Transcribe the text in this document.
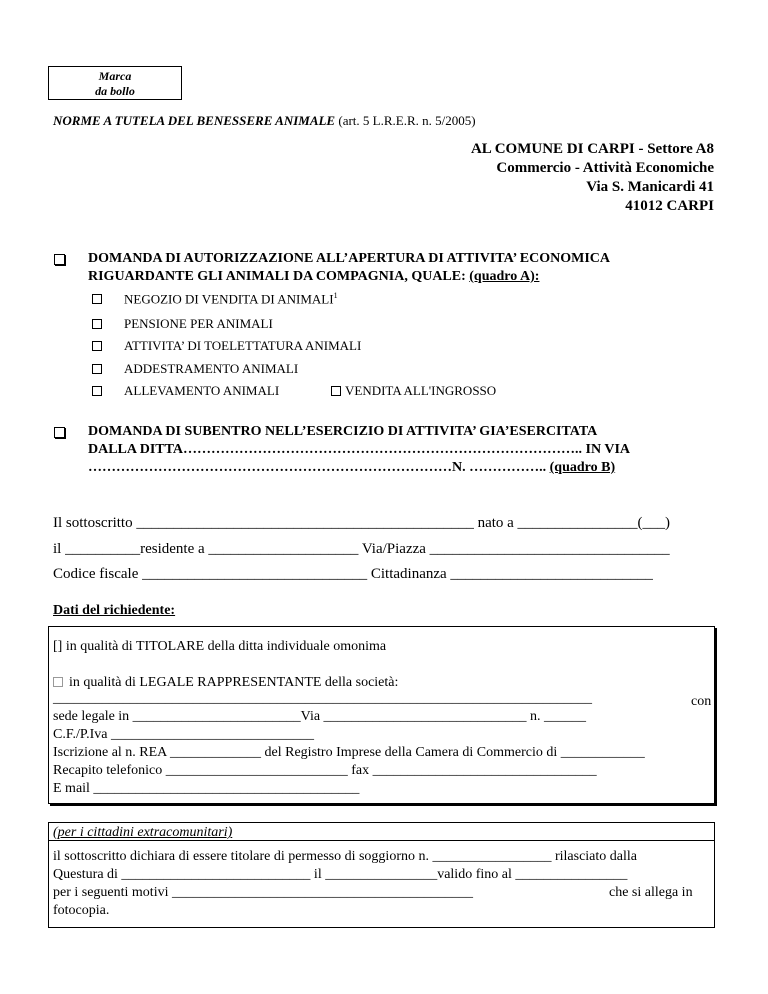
Marca
da bollo
NORME A TUTELA DEL BENESSERE ANIMALE (art. 5 L.R.E.R. n. 5/2005)
AL COMUNE DI CARPI - Settore A8
Commercio - Attività Economiche
Via S. Manicardi 41
41012 CARPI
DOMANDA DI AUTORIZZAZIONE ALL’APERTURA DI ATTIVITA’ ECONOMICA
RIGUARDANTE GLI ANIMALI DA COMPAGNIA, QUALE: (quadro A):
NEGOZIO DI VENDITA DI ANIMALI$^1$
PENSIONE PER ANIMALI
ATTIVITA’ DI TOELETTATURA ANIMALI
ADDESTRAMENTO ANIMALI
ALLEVAMENTO ANIMALI	VENDITA ALL'INGROSSO
DOMANDA DI SUBENTRO NELL’ESERCIZIO DI ATTIVITA’ GIA’ESERCITATA
DALLA DITTA………………………………………………………………………….. IN VIA
……………………………………………………………………N. …………….. (quadro B)
Il sottoscritto _____________________________________________ nato a ________________(___)
il __________residente a ____________________ Via/Piazza ________________________________
Codice fiscale ______________________________ Cittadinanza ___________________________
Dati del richiedente:
[] in qualità di TITOLARE della ditta individuale omonima
in qualità di LEGALE RAPPRESENTANTE della società:
_____________________________________________________________________________	con
sede legale in ________________________Via _____________________________ n. ______
C.F./P.Iva _____________________________
Iscrizione al n. REA _____________ del Registro Imprese della Camera di Commercio di ____________
Recapito telefonico __________________________ fax ________________________________
E mail ______________________________________
(per i cittadini extracomunitari)
il sottoscritto dichiara di essere titolare di permesso di soggiorno n. _________________ rilasciato dalla
Questura di ___________________________ il ________________valido fino al ________________
per i seguenti motivi ___________________________________________	che si allega in
fotocopia.
